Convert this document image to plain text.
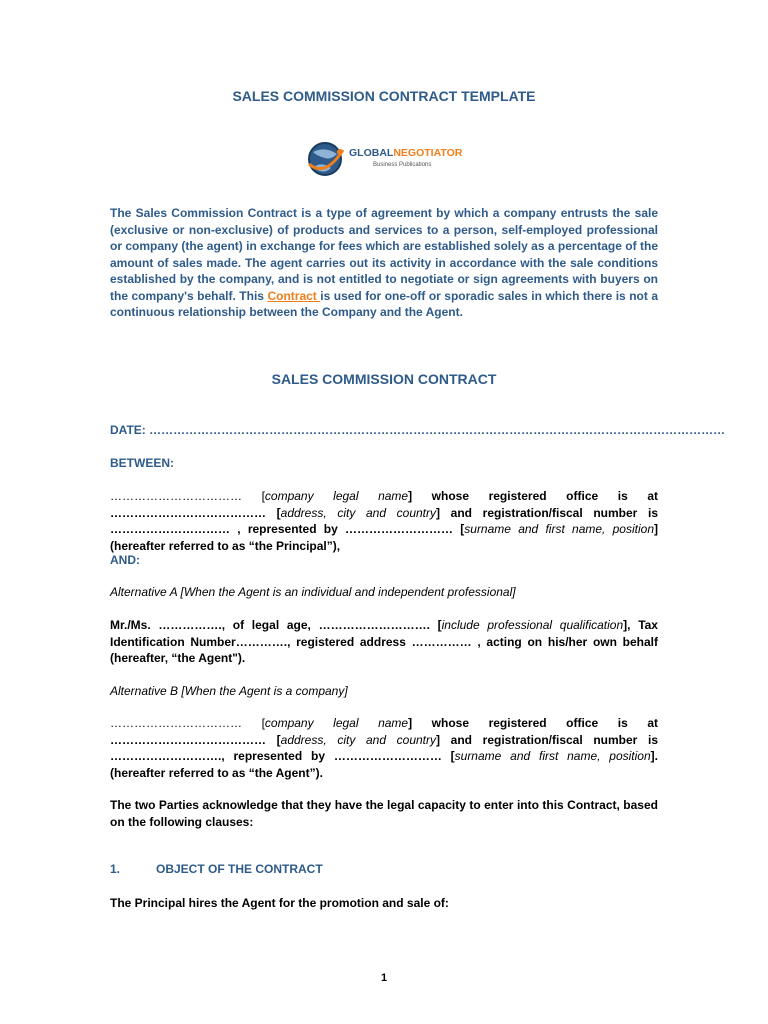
SALES COMMISSION CONTRACT TEMPLATE
GLOBALNEGOTIATOR
Business Publications
The Sales Commission Contract is a type of agreement by which a company entrusts the sale (exclusive or non-exclusive) of products and services to a person, self-employed professional or company (the agent) in exchange for fees which are established solely as a percentage of the amount of sales made. The agent carries out its activity in accordance with the sale conditions established by the company, and is not entitled to negotiate or sign agreements with buyers on the company's behalf. This Contract is used for one-off or sporadic sales in which there is not a continuous relationship between the Company and the Agent.
SALES COMMISSION CONTRACT
DATE: ………………………………………………………………………………………………………………………………
BETWEEN:
…………………………… [company legal name] whose registered office is at ………………………………… [address, city and country] and registration/fiscal number is ………………………… , represented by ……………………… [surname and first name, position] (hereafter referred to as “the Principal”),
AND:
Alternative A [When the Agent is an individual and independent professional]
Mr./Ms. ……………., of legal age, ………………………. [include professional qualification], Tax Identification Number…………., registered address …………… , acting on his/her own behalf (hereafter, “the Agent").
Alternative B [When the Agent is a company]
…………………………… [company legal name] whose registered office is at ………………………………… [address, city and country] and registration/fiscal number is ………………………., represented by ……………………… [surname and first name, position]. (hereafter referred to as “the Agent”).
The two Parties acknowledge that they have the legal capacity to enter into this Contract, based on the following clauses:
1.	OBJECT OF THE CONTRACT
The Principal hires the Agent for the promotion and sale of:
1
